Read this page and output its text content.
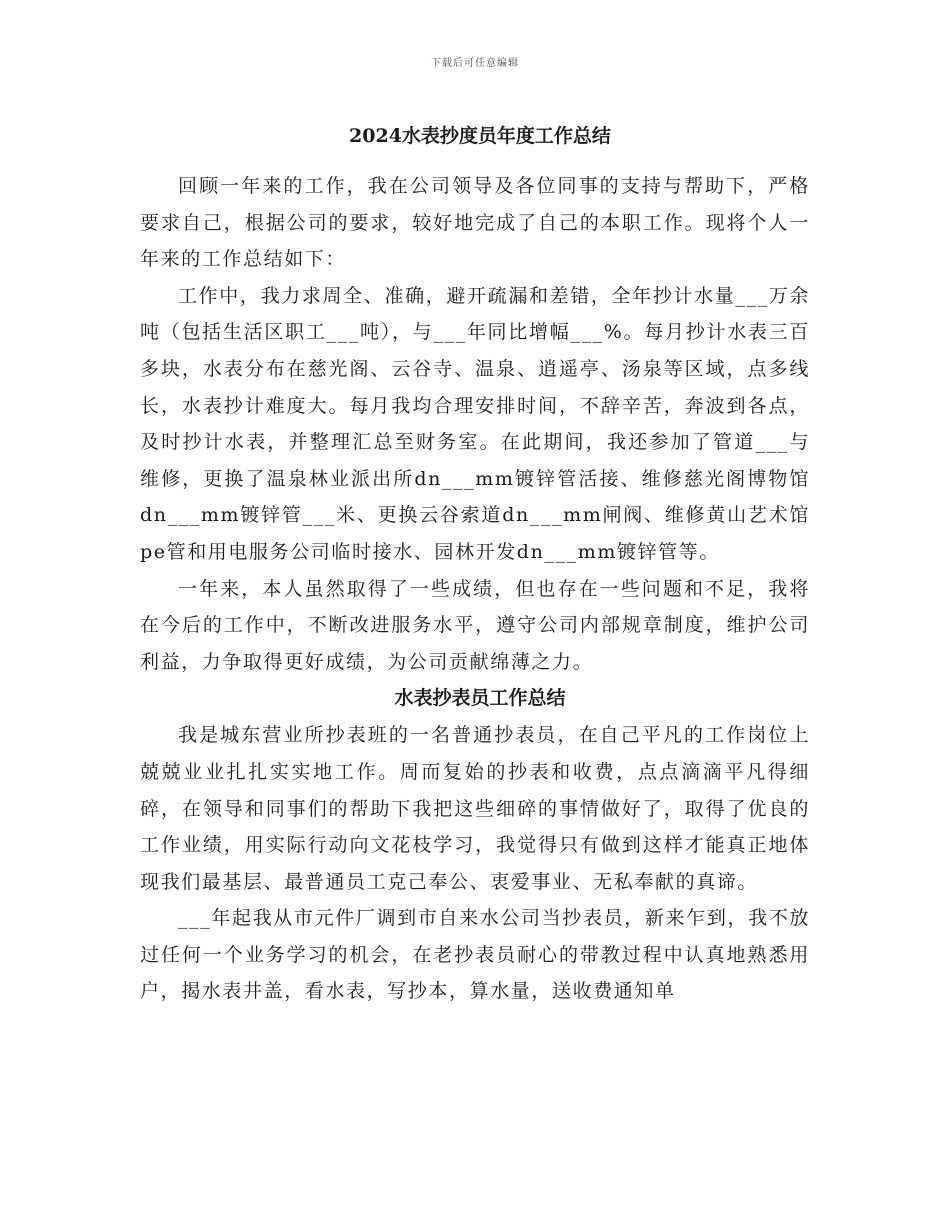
下载后可任意编辑
2024水表抄度员年度工作总结

回顾一年来的工作，我在公司领导及各位同事的支持与帮助下，严格要求自己，根据公司的要求，较好地完成了自己的本职工作。现将个人一年来的工作总结如下：

工作中，我力求周全、准确，避开疏漏和差错，全年抄计水量___万余吨（包括生活区职工___吨），与___年同比增幅___%。每月抄计水表三百多块，水表分布在慈光阁、云谷寺、温泉、逍遥亭、汤泉等区域，点多线长，水表抄计难度大。每月我均合理安排时间，不辞辛苦，奔波到各点，及时抄计水表，并整理汇总至财务室。在此期间，我还参加了管道___与维修，更换了温泉林业派出所dn___mm镀锌管活接、维修慈光阁博物馆dn___mm镀锌管___米、更换云谷索道dn___mm闸阀、维修黄山艺术馆pe管和用电服务公司临时接水、园林开发dn___mm镀锌管等。

一年来，本人虽然取得了一些成绩，但也存在一些问题和不足，我将在今后的工作中，不断改进服务水平，遵守公司内部规章制度，维护公司利益，力争取得更好成绩，为公司贡献绵薄之力。

水表抄表员工作总结

我是城东营业所抄表班的一名普通抄表员，在自己平凡的工作岗位上兢兢业业扎扎实实地工作。周而复始的抄表和收费，点点滴滴平凡得细碎，在领导和同事们的帮助下我把这些细碎的事情做好了，取得了优良的工作业绩，用实际行动向文花枝学习，我觉得只有做到这样才能真正地体现我们最基层、最普通员工克己奉公、衷爱事业、无私奉献的真谛。

___年起我从市元件厂调到市自来水公司当抄表员，新来乍到，我不放过任何一个业务学习的机会，在老抄表员耐心的带教过程中认真地熟悉用户，揭水表井盖，看水表，写抄本，算水量，送收费通知单
